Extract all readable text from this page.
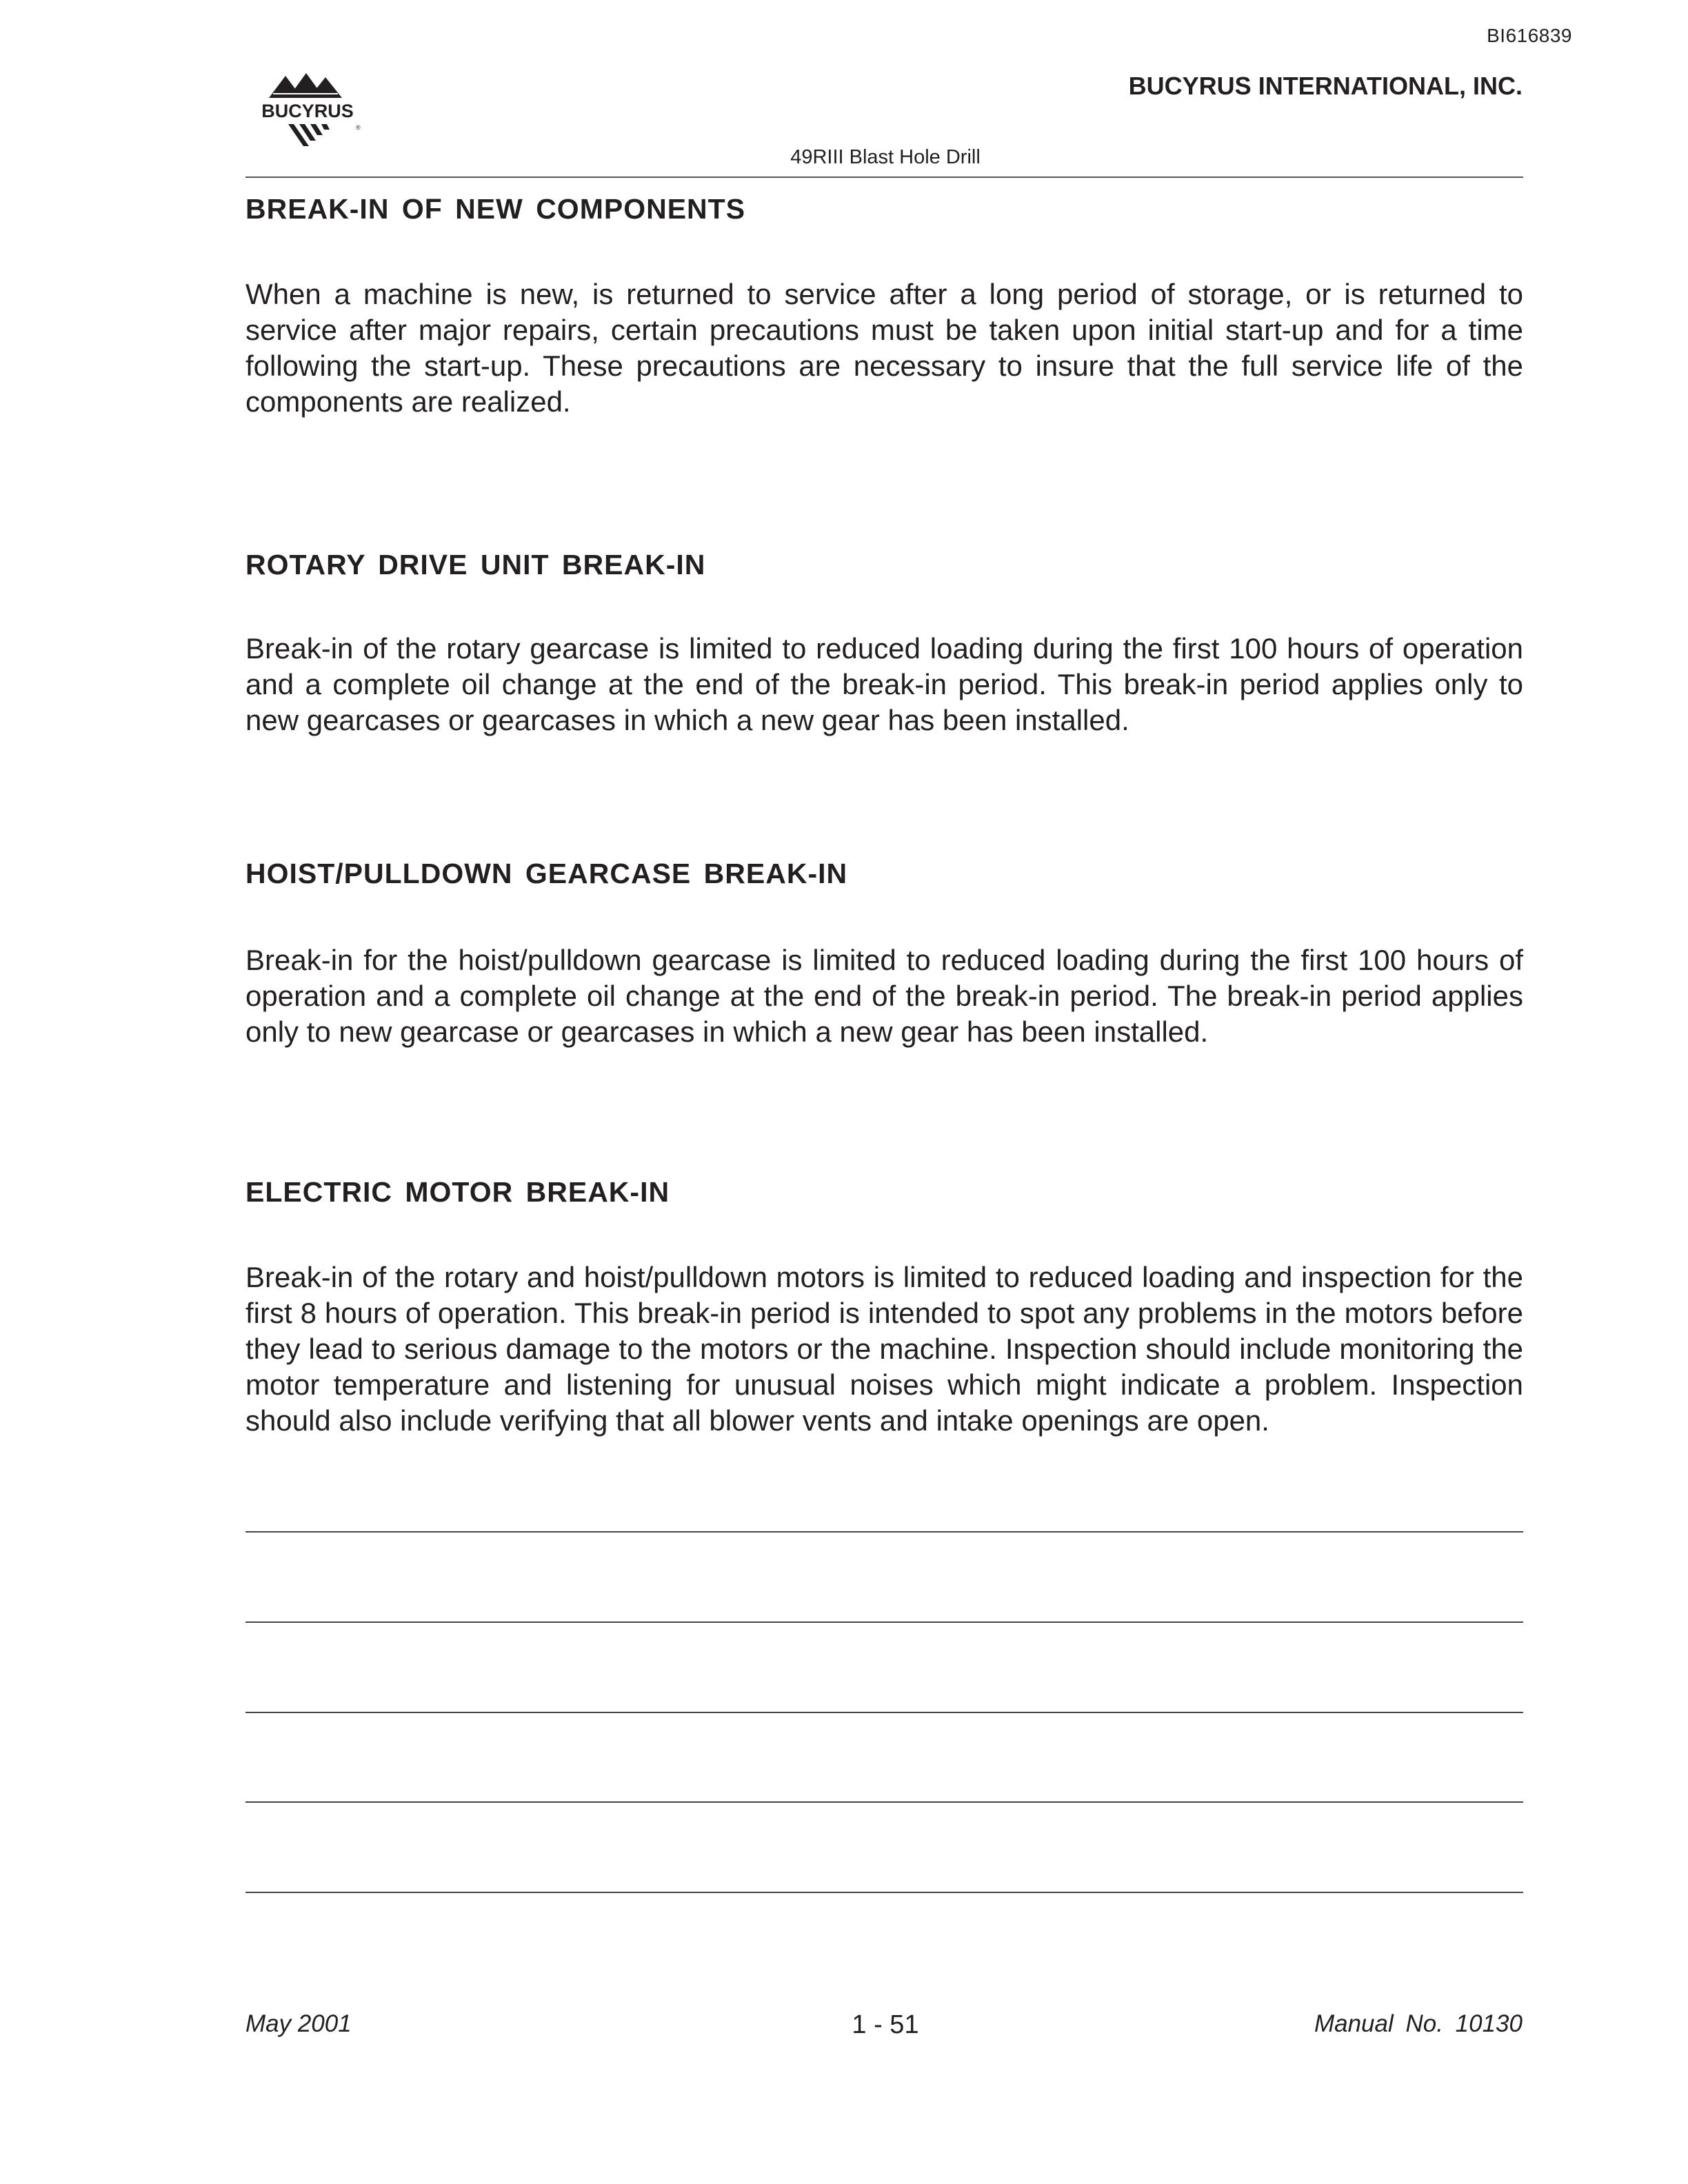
BI616839
BUCYRUS
®
BUCYRUS INTERNATIONAL, INC.
49RIII Blast Hole Drill
BREAK-IN OF NEW COMPONENTS

When a machine is new, is returned to service after a long period of storage, or is returned to service after major repairs, certain precautions must be taken upon initial start-up and for a time following the start-up. These precautions are necessary to insure that the full service life of the components are realized.

ROTARY DRIVE UNIT BREAK-IN

Break-in of the rotary gearcase is limited to reduced loading during the first 100 hours of operation and a complete oil change at the end of the break-in period. This break-in period applies only to new gearcases or gearcases in which a new gear has been installed.

HOIST/PULLDOWN GEARCASE BREAK-IN

Break-in for the hoist/pulldown gearcase is limited to reduced loading during the first 100 hours of operation and a complete oil change at the end of the break-in period. The break-in period applies only to new gearcase or gearcases in which a new gear has been installed.

ELECTRIC MOTOR BREAK-IN

Break-in of the rotary and hoist/pulldown motors is limited to reduced loading and inspection for the first 8 hours of operation. This break-in period is intended to spot any problems in the motors before they lead to serious damage to the motors or the machine. Inspection should include monitoring the motor temperature and listening for unusual noises which might indicate a problem. Inspection should also include verifying that all blower vents and intake openings are open.

May 2001	1 - 51	Manual No. 10130
